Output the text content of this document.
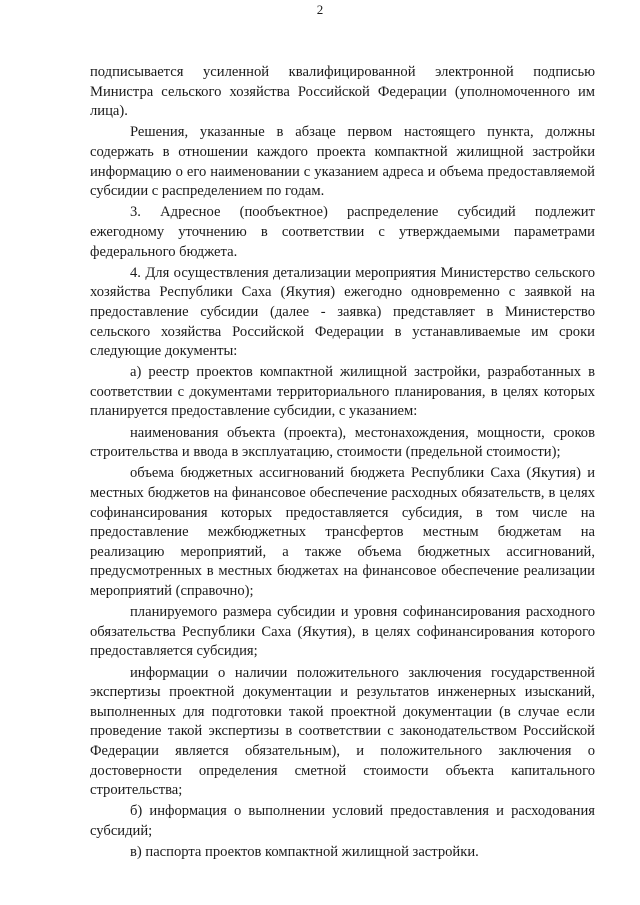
2

подписывается усиленной квалифицированной электронной подписью Министра сельского хозяйства Российской Федерации (уполномоченного им лица).

Решения, указанные в абзаце первом настоящего пункта, должны содержать в отношении каждого проекта компактной жилищной застройки информацию о его наименовании с указанием адреса и объема предоставляемой субсидии с распределением по годам.

3. Адресное (пообъектное) распределение субсидий подлежит ежегодному уточнению в соответствии с утверждаемыми параметрами федерального бюджета.

4. Для осуществления детализации мероприятия Министерство сельского хозяйства Республики Саха (Якутия) ежегодно одновременно с заявкой на предоставление субсидии (далее - заявка) представляет в Министерство сельского хозяйства Российской Федерации в устанавливаемые им сроки следующие документы:

а) реестр проектов компактной жилищной застройки, разработанных в соответствии с документами территориального планирования, в целях которых планируется предоставление субсидии, с указанием:

наименования объекта (проекта), местонахождения, мощности, сроков строительства и ввода в эксплуатацию, стоимости (предельной стоимости);

объема бюджетных ассигнований бюджета Республики Саха (Якутия) и местных бюджетов на финансовое обеспечение расходных обязательств, в целях софинансирования которых предоставляется субсидия, в том числе на предоставление межбюджетных трансфертов местным бюджетам на реализацию мероприятий, а также объема бюджетных ассигнований, предусмотренных в местных бюджетах на финансовое обеспечение реализации мероприятий (справочно);

планируемого размера субсидии и уровня софинансирования расходного обязательства Республики Саха (Якутия), в целях софинансирования которого предоставляется субсидия;

информации о наличии положительного заключения государственной экспертизы проектной документации и результатов инженерных изысканий, выполненных для подготовки такой проектной документации (в случае если проведение такой экспертизы в соответствии с законодательством Российской Федерации является обязательным), и положительного заключения о достоверности определения сметной стоимости объекта капитального строительства;

б) информация о выполнении условий предоставления и расходования субсидий;

в) паспорта проектов компактной жилищной застройки.
